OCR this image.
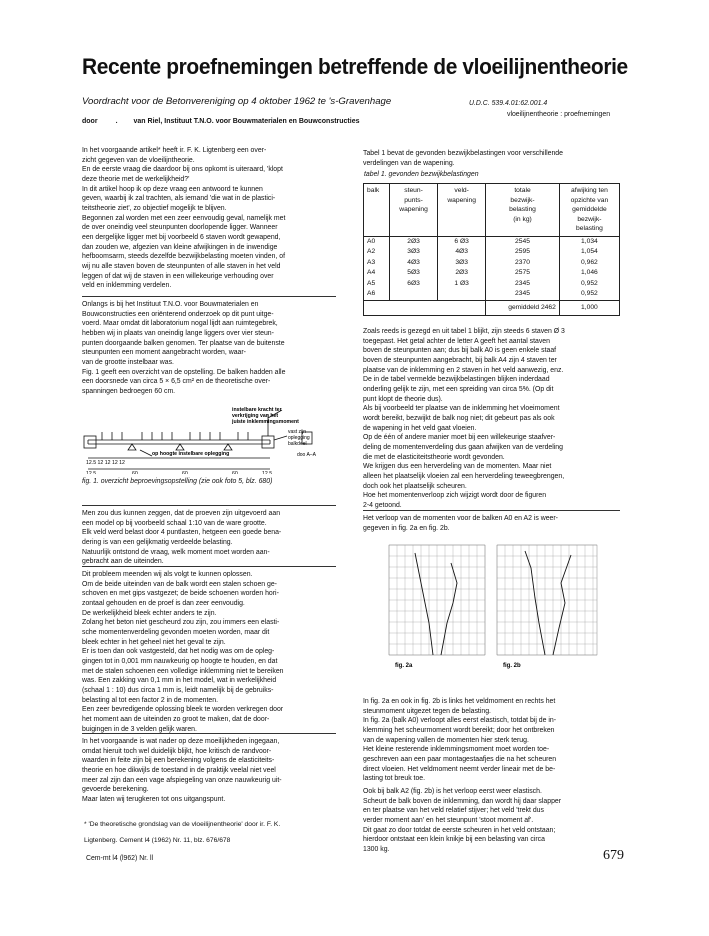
Recente proefnemingen betreffende de vloeilijnentheorie
Voordracht voor de Betonvereniging op 4 oktober 1962 te 's-Gravenhage	U.D.C. 539.4.01:62.001.4
vloeilijnentheorie : proefnemingen
door	. van Riel, Instituut T.N.O. voor Bouwmaterialen en Bouwconstructies

In het voorgaande artikel* heeft ir. F. K. Ligtenberg een over-

zicht gegeven van de vloeilijntheorie.

En de eerste vraag die daardoor bij ons opkomt is uiteraard, 'klopt

deze theorie met de werkelijkheid?'

In dit artikel hoop ik op deze vraag een antwoord te kunnen

geven, waarbij ik zal trachten, als iemand 'die wat in de plastici-

teitstheorie ziet', zo objectief mogelijk te blijven.

Begonnen zal worden met een zeer eenvoudig geval, namelijk met

de over oneindig veel steunpunten doorlopende ligger. Wanneer

een dergelijke ligger met bij voorbeeld 6 staven wordt gewapend,

dan zouden we, afgezien van kleine afwijkingen in de inwendige

hefboomsarm, steeds dezelfde bezwijkbelasting moeten vinden, of

wij nu alle staven boven de steunpunten of alle staven in het veld

leggen of dat wij de staven in een willekeurige verhouding over

veld en inklemming verdelen.

Onlangs is bij het Instituut T.N.O. voor Bouwmaterialen en

Bouwconstructies een oriënterend onderzoek op dit punt uitge-

voerd. Maar omdat dit laboratorium nogal lijdt aan ruimtegebrek,

hebben wij in plaats van oneindig lange liggers over vier steun-

punten doorgaande balken genomen. Ter plaatse van de buitenste

steunpunten een moment aangebracht worden, waar-

van de grootte instelbaar was.

Fig. 1 geeft een overzicht van de opstelling. De balken hadden alle

een doorsnede van circa 5 × 6,5 cm² en de theoretische over-

spanningen bedroegen 60 cm.

instelbare kracht ter
verkrijging van het
juiste inklemmingsmoment
vast zijn
oplegging
balkdeel
op hoogte instelbare oplegging	doo A–A
12.5 12 12 12 12
12.5	60	60	60	12.5
fig. 1. overzicht beproevingsopstelling (zie ook foto 5, blz. 680)

Men zou dus kunnen zeggen, dat de proeven zijn uitgevoerd aan

een model op bij voorbeeld schaal 1:10 van de ware grootte.

Elk veld werd belast door 4 puntlasten, hetgeen een goede bena-

dering is van een gelijkmatig verdeelde belasting.

Natuurlijk ontstond de vraag, welk moment moet worden aan-

gebracht aan de uiteinden.

Dit probleem meenden wij als volgt te kunnen oplossen.

Om de beide uiteinden van de balk wordt een stalen schoen ge-

schoven en met gips vastgezet; de beide schoenen worden hori-

zontaal gehouden en de proef is dan zeer eenvoudig.

De werkelijkheid bleek echter anders te zijn.

Zolang het beton niet gescheurd zou zijn, zou immers een elasti-

sche momentenverdeling gevonden moeten worden, maar dit

bleek echter in het geheel niet het geval te zijn.

Er is toen dan ook vastgesteld, dat het nodig was om de opleg-

gingen tot in 0,001 mm nauwkeurig op hoogte te houden, en dat

met de stalen schoenen een volledige inklemming niet te bereiken

was. Een zakking van 0,1 mm in het model, wat in werkelijkheid

(schaal 1 : 10) dus circa 1 mm is, leidt namelijk bij de gebruiks-

belasting al tot een factor 2 in de momenten.

Een zeer bevredigende oplossing bleek te worden verkregen door

het moment aan de uiteinden zo groot te maken, dat de door-

buigingen in de 3 velden gelijk waren.

In het voorgaande is wat nader op deze moeilijkheden ingegaan,

omdat hieruit toch wel duidelijk blijkt, hoe kritisch de randvoor-

waarden in feite zijn bij een berekening volgens de elasticiteits-

theorie en hoe dikwijls de toestand in de praktijk veelal niet veel

meer zal zijn dan een vage afspiegeling van onze nauwkeurig uit-

gevoerde berekening.

Maar laten wij terugkeren tot ons uitgangspunt.

* 'De theoretische grondslag van de vloeilijnentheorie' door ir. F. K.

Ligtenberg. Cement l4 (1962) Nr. 11, blz. 676/678

Tabel 1 bevat de gevonden bezwijkbelastingen voor verschillende

verdelingen van de wapening.

tabel 1. gevonden bezwijkbelastingen
balk	steun-
punts-
wapening	veld-
wapening	totale
bezwijk-
belasting
(in kg)	afwijking ten
opzichte van
gemiddelde
bezwijk-
belasting
A0	2Ø3	6 Ø3	2545	1,034
A2	3Ø3	4Ø3	2595	1,054
A3	4Ø3	3Ø3	2370	0,962
A4	5Ø3	2Ø3	2575	1,046
A5	6Ø3	1 Ø3	2345	0,952
A6			2345	0,952
			gemiddeld 2462	1,000

Zoals reeds is gezegd en uit tabel 1 blijkt, zijn steeds 6 staven Ø 3

toegepast. Het getal achter de letter A geeft het aantal staven

boven de steunpunten aan; dus bij balk A0 is geen enkele staaf

boven de steunpunten aangebracht, bij balk A4 zijn 4 staven ter

plaatse van de inklemming en 2 staven in het veld aanwezig, enz.

De in de tabel vermelde bezwijkbelastingen blijken inderdaad

onderling gelijk te zijn, met een spreiding van circa 5%. (Op dit

punt klopt de theorie dus).

Als bij voorbeeld ter plaatse van de inklemming het vloeimoment

wordt bereikt, bezwijkt de balk nog niet; dit gebeurt pas als ook

de wapening in het veld gaat vloeien.

Op de één of andere manier moet bij een willekeurige staafver-

deling de momentenverdeling dus gaan afwijken van de verdeling

die met de elasticiteitstheorie wordt gevonden.

We krijgen dus een herverdeling van de momenten. Maar niet

alleen het plaatselijk vloeien zal een herverdeling teweegbrengen,

doch ook het plaatselijk scheuren.

Hoe het momentenverloop zich wijzigt wordt door de figuren

2-4 getoond.

Het verloop van de momenten voor de balken A0 en A2 is weer-

gegeven in fig. 2a en fig. 2b.

fig. 2a	fig. 2b

In fig. 2a en ook in fig. 2b is links het veldmoment en rechts het

steunmoment uitgezet tegen de belasting.

In fig. 2a (balk A0) verloopt alles eerst elastisch, totdat bij de in-

klemming het scheurmoment wordt bereikt; door het ontbreken

van de wapening vallen de momenten hier sterk terug.

Het kleine resterende inklemmingsmoment moet worden toe-

geschreven aan een paar montagestaafjes die na het scheuren

direct vloeien. Het veldmoment neemt verder lineair met de be-

lasting tot breuk toe.

Ook bij balk A2 (fig. 2b) is het verloop eerst weer elastisch.

Scheurt de balk boven de inklemming, dan wordt hij daar slapper

en ter plaatse van het veld relatief stijver; het veld 'trekt dus

verder moment aan' en het steunpunt 'stoot moment af'.

Dit gaat zo door totdat de eerste scheuren in het veld ontstaan;

hierdoor ontstaat een klein knikje bij een belasting van circa

1300 kg.

Cem-mt l4 (l962) Nr. ll	679
